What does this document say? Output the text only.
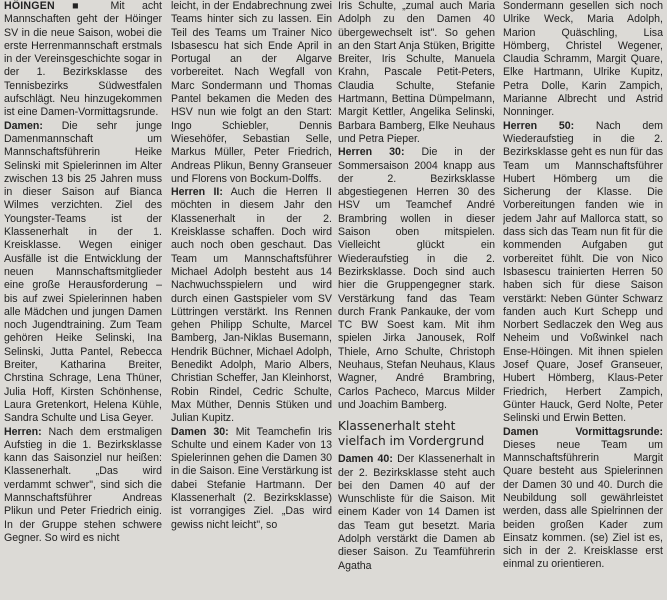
HÖINGEN ■ Mit acht Mannschaften geht der Höinger SV in die neue Saison, wobei die erste Herrenmannschaft erstmals in der Vereinsgeschichte sogar in der 1. Bezirksklasse des Tennisbezirks Südwestfalen aufschlägt. Neu hinzugekommen ist eine Damen-Vormittagsrunde.

Damen: Die sehr junge Damenmannschaft um Mannschaftsführerin Heike Selinski mit Spielerinnen im Alter zwischen 13 bis 25 Jahren muss in dieser Saison auf Bianca Wilmes verzichten. Ziel des Youngster-Teams ist der Klassenerhalt in der 1. Kreisklasse. Wegen einiger Ausfälle ist die Entwicklung der neuen Mannschaftsmitglieder eine große Herausforderung – bis auf zwei Spielerinnen haben alle Mädchen und jungen Damen noch Jugendtraining. Zum Team gehören Heike Selinski, Ina Selinski, Jutta Pantel, Rebecca Breiter, Katharina Breiter, Chrstina Schrage, Lena Thüner, Julia Hoff, Kirsten Schönhense, Laura Gretenkort, Helena Kühle, Sandra Schulte und Lisa Geyer.

Herren: Nach dem erstmaligen Aufstieg in die 1. Bezirksklasse kann das Saisonziel nur heißen: Klassenerhalt. „Das wird verdammt schwer", sind sich die Mannschaftsführer Andreas Plikun und Peter Friedrich einig. In der Gruppe stehen schwere Gegner. So wird es nicht

leicht, in der Endabrechnung zwei Teams hinter sich zu lassen. Ein Teil des Teams um Trainer Nico Isbasescu hat sich Ende April in Portugal an der Algarve vorbereitet. Nach Wegfall von Marc Sondermann und Thomas Pantel bekamen die Meden des HSV nun wie folgt an den Start: Ingo Schiebler, Dennis Wiesehöfer, Sebastian Selle, Markus Müller, Peter Friedrich, Andreas Plikun, Benny Granseuer und Florens von Bockum-Dolffs.

Herren II: Auch die Herren II möchten in diesem Jahr den Klassenerhalt in der 2. Kreisklasse schaffen. Doch wird auch noch oben geschaut. Das Team um Mannschaftsführer Michael Adolph besteht aus 14 Nachwuchsspielern und wird durch einen Gastspieler vom SV Lüttringen verstärkt. Ins Rennen gehen Philipp Schulte, Marcel Bamberg, Jan-Niklas Busemann, Hendrik Büchner, Michael Adolph, Benedikt Adolph, Mario Albers, Christian Scheffer, Jan Kleinhorst, Robin Rindel, Cedric Schulte, Max Müther, Dennis Stüken und Julian Kupitz.

Damen 30: Mit Teamchefin Iris Schulte und einem Kader von 13 Spielerinnen gehen die Damen 30 in die Saison. Eine Verstärkung ist dabei Stefanie Hartmann. Der Klassenerhalt (2. Bezirksklasse) ist vorrangiges Ziel. „Das wird gewiss nicht leicht", so

Iris Schulte, „zumal auch Maria Adolph zu den Damen 40 übergewechselt ist". So gehen an den Start Anja Stüken, Brigitte Breiter, Iris Schulte, Manuela Krahn, Pascale Petit-Peters, Claudia Schulte, Stefanie Hartmann, Bettina Dümpelmann, Margit Kettler, Angelika Selinski, Barbara Bamberg, Elke Neuhaus und Petra Pieper.

Herren 30: Die in der Sommersaison 2004 knapp aus der 2. Bezirksklasse abgestiegenen Herren 30 des HSV um Teamchef André Brambring wollen in dieser Saison oben mitspielen. Vielleicht glückt ein Wiederaufstieg in die 2. Bezirksklasse. Doch sind auch hier die Gruppengegner stark. Verstärkung fand das Team durch Frank Pankauke, der vom TC BW Soest kam. Mit ihm spielen Jirka Janousek, Rolf Thiele, Arno Schulte, Christoph Neuhaus, Stefan Neuhaus, Klaus Wagner, André Brambring, Carlos Pacheco, Marcus Milder und Joachim Bamberg.

Klassenerhalt steht vielfach im Vordergrund

Damen 40: Der Klassenerhalt in der 2. Bezirksklasse steht auch bei den Damen 40 auf der Wunschliste für die Saison. Mit einem Kader von 14 Damen ist das Team gut besetzt. Maria Adolph verstärkt die Damen ab dieser Saison. Zu Teamführerin Agatha

Sondermann gesellen sich noch Ulrike Weck, Maria Adolph, Marion Quäschling, Lisa Hömberg, Christel Wegener, Claudia Schramm, Margit Quare, Elke Hartmann, Ulrike Kupitz, Petra Dolle, Karin Zampich, Marianne Albrecht und Astrid Nonninger.

Herren 50: Nach dem Wiederaufstieg in die 2. Bezirksklasse geht es nun für das Team um Mannschaftsführer Hubert Hömberg um die Sicherung der Klasse. Die Vorbereitungen fanden wie in jedem Jahr auf Mallorca statt, so dass sich das Team nun fit für die kommenden Aufgaben gut vorbereitet fühlt. Die von Nico Isbasescu trainierten Herren 50 haben sich für diese Saison verstärkt: Neben Günter Schwarz fanden auch Kurt Schepp und Norbert Sedlaczek den Weg aus Neheim und Voßwinkel nach Ense-Höingen. Mit ihnen spielen Josef Quare, Josef Granseuer, Hubert Hömberg, Klaus-Peter Friedrich, Herbert Zampich, Günter Hauck, Gerd Nolte, Peter Selinski und Erwin Betten.

Damen Vormittagsrunde: Dieses neue Team um Mannschaftsführerin Margit Quare besteht aus Spielerinnen der Damen 30 und 40. Durch die Neubildung soll gewährleistet werden, dass alle Spielrinnen der beiden großen Kader zum Einsatz kommen. (se) Ziel ist es, sich in der 2. Kreisklasse erst einmal zu orientieren.
